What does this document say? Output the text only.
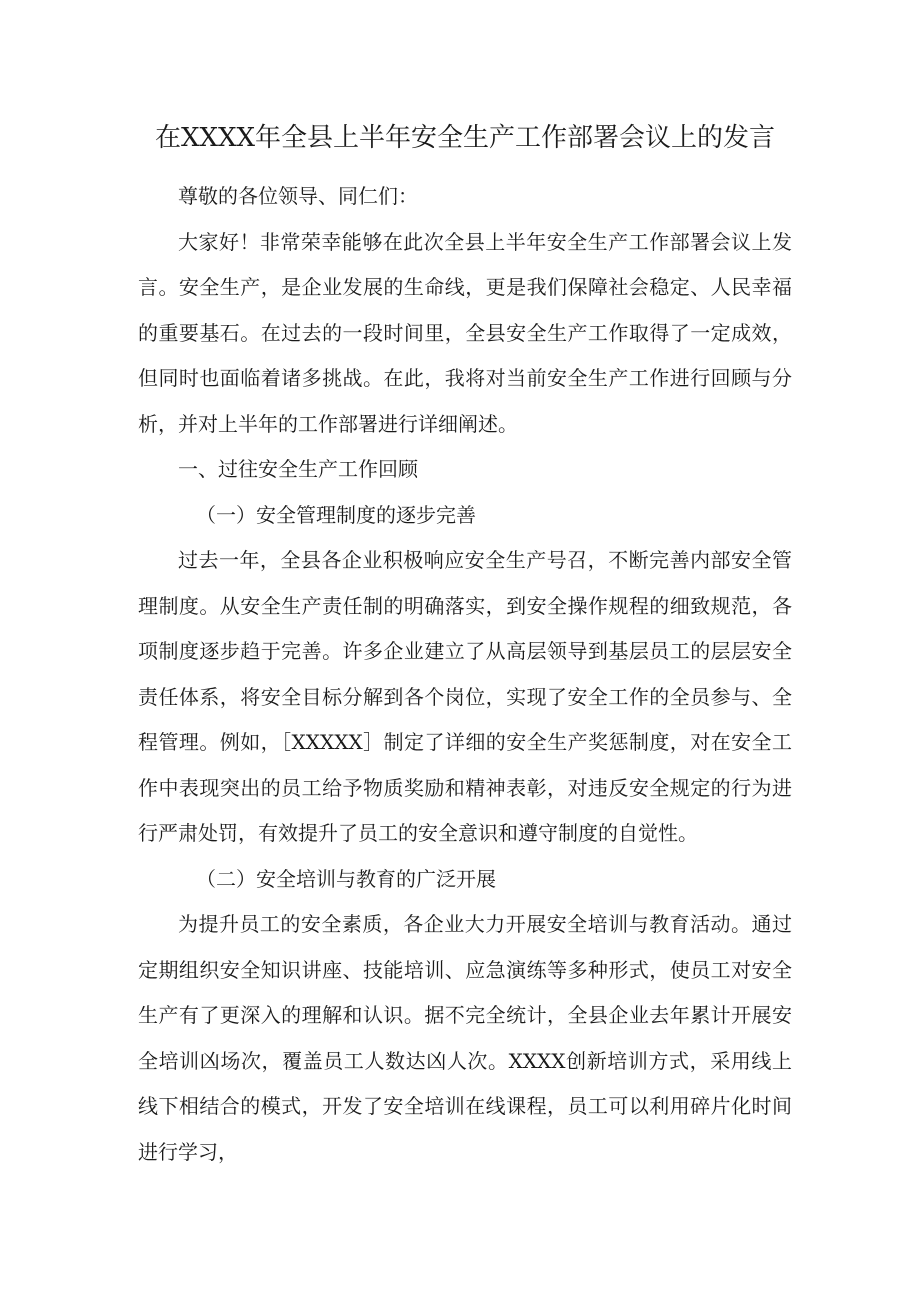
在XXXX年全县上半年安全生产工作部署会议上的发言

尊敬的各位领导、同仁们：

大家好！非常荣幸能够在此次全县上半年安全生产工作部署会议上发言。安全生产，是企业发展的生命线，更是我们保障社会稳定、人民幸福的重要基石。在过去的一段时间里，全县安全生产工作取得了一定成效，但同时也面临着诸多挑战。在此，我将对当前安全生产工作进行回顾与分析，并对上半年的工作部署进行详细阐述。

一、过往安全生产工作回顾

（一）安全管理制度的逐步完善

过去一年，全县各企业积极响应安全生产号召，不断完善内部安全管理制度。从安全生产责任制的明确落实，到安全操作规程的细致规范，各项制度逐步趋于完善。许多企业建立了从高层领导到基层员工的层层安全责任体系，将安全目标分解到各个岗位，实现了安全工作的全员参与、全程管理。例如，［XXXXX］制定了详细的安全生产奖惩制度，对在安全工作中表现突出的员工给予物质奖励和精神表彰，对违反安全规定的行为进行严肃处罚，有效提升了员工的安全意识和遵守制度的自觉性。

（二）安全培训与教育的广泛开展

为提升员工的安全素质，各企业大力开展安全培训与教育活动。通过定期组织安全知识讲座、技能培训、应急演练等多种形式，使员工对安全生产有了更深入的理解和认识。据不完全统计，全县企业去年累计开展安全培训凶场次，覆盖员工人数达凶人次。XXXX创新培训方式，采用线上线下相结合的模式，开发了安全培训在线课程，员工可以利用碎片化时间进行学习，
